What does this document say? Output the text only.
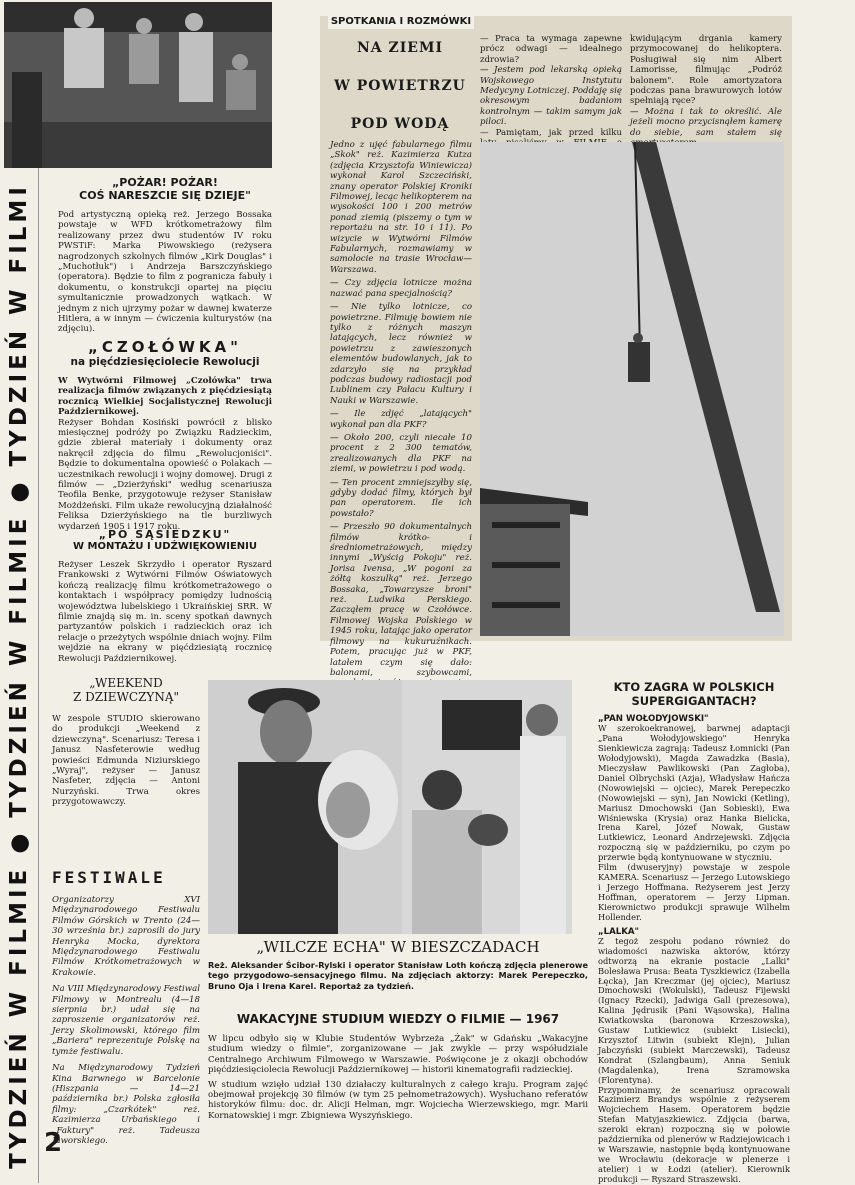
TYDZIEŃ W FILMIE ● TYDZIEŃ W FILMIE ● TYDZIEŃ W FILMI 2

„POŻAR! POŻAR!

COŚ NARESZCIE SIĘ DZIEJE"

Pod artystyczną opieką reż. Jerzego Bossaka powstaje w WFD krótkometrażowy film realizowany przez dwu studentów IV roku PWSTiF: Marka Piwowskiego (reżysera nagrodzonych szkolnych filmów „Kirk Douglas" i „Muchotłuk") i Andrzeja Barszczyńskiego (operatora). Będzie to film z pogranicza fabuły i dokumentu, o konstrukcji opartej na pięciu symultanicznie prowadzonych wątkach. W jednym z nich ujrzymy pożar w dawnej kwaterze Hitlera, a w innym — ćwiczenia kulturystów (na zdjęciu).

„CZOŁÓWKA"

na pięćdziesięciolecie Rewolucji

W Wytwórni Filmowej „Czołówka" trwa realizacja filmów związanych z pięćdziesiątą rocznicą Wielkiej Socjalistycznej Rewolucji Październikowej.

Reżyser Bohdan Kosiński powrócił z blisko miesięcznej podróży po Związku Radzieckim, gdzie zbierał materiały i dokumenty oraz nakręcił zdjęcia do filmu „Rewolucjoniści". Będzie to dokumentalna opowieść o Polakach — uczestnikach rewolucji i wojny domowej. Drugi z filmów — „Dzierżyński" według scenariusza Teofila Benke, przygotowuje reżyser Stanisław Możdżeński. Film ukaże rewolucyjną działalność Feliksa Dzierżyńskiego na tle burzliwych wydarzeń 1905 i 1917 roku.

„PO SĄSIEDZKU"

W MONTAŻU I UDŹWIĘKOWIENIU

Reżyser Leszek Skrzydło i operator Ryszard Frankowski z Wytwórni Filmów Oświatowych kończą realizację filmu krótkometrażowego o kontaktach i współpracy pomiędzy ludnością województwa lubelskiego i Ukraińskiej SRR. W filmie znajdą się m. in. sceny spotkań dawnych partyzantów polskich i radzieckich oraz ich relacje o przeżytych wspólnie dniach wojny. Film wejdzie na ekrany w pięćdziesiątą rocznicę Rewolucji Październikowej.

„WEEKEND

Z DZIEWCZYNĄ"

W zespole STUDIO skierowano do produkcji „Weekend z dziewczyną". Scenariusz: Teresa i Janusz Nasfeterowie według powieści Edmunda Niziurskiego „Wyraj", reżyser — Janusz Nasfeter, zdjęcia — Antoni Nurzyński. Trwa okres przygotowawczy.

FESTIWALE

Organizatorzy XVI Międzynarodowego Festiwalu Filmów Górskich w Trento (24—30 września br.) zaprosili do jury Henryka Mocka, dyrektora Międzynarodowego Festiwalu Filmów Krótkometrażowych w Krakowie.

Na VIII Międzynarodowy Festiwal Filmowy w Montrealu (4—18 sierpnia br.) udał się na zaproszenie organizatorów reż. Jerzy Skolimowski, którego film „Bariera" reprezentuje Polskę na tymże festiwalu.

Na Międzynarodowy Tydzień Kina Barwnego w Barcelonie (Hiszpania — 14—21 października br.) Polska zgłosiła filmy: „Czarkótek" reż. Kazimierza Urbańskiego i „Faktury" reż. Tadeusza Jaworskiego.

SPOTKANIA I ROZMÓWKI
NA ZIEMI
W POWIETRZU
POD WODĄ

Jedno z ujęć fabularnego filmu „Skok" reż. Kazimierza Kutza (zdjęcia Krzysztofa Winiewicza) wykonał Karol Szczeciński, znany operator Polskiej Kroniki Filmowej, lecąc helikopterem na wysokości 100 i 200 metrów ponad ziemią (piszemy o tym w reportażu na str. 10 i 11). Po wizycie w Wytwórni Filmów Fabularnych, rozmawiamy w samolocie na trasie Wrocław—Warszawa.

— Czy zdjęcia lotnicze można nazwać pana specjalnością?

— Nie tylko lotnicze, co powietrzne. Filmuję bowiem nie tylko z różnych maszyn latających, lecz również w powietrzu z zawieszonych elementów budowlanych, jak to zdarzyło się na przykład podczas budowy radiostacji pod Lublinem czy Pałacu Kultury i Nauki w Warszawie.

— Ile zdjęć „latających" wykonał pan dla PKF?

— Około 200, czyli niecałe 10 procent z 2 300 tematów, zrealizowanych dla PKF na ziemi, w powietrzu i pod wodą.

— Ten procent zmniejszyłby się, gdyby dodać filmy, których był pan operatorem. Ile ich powstało?

— Przeszło 90 dokumentalnych filmów krótko- i średniometrażowych, między innymi „Wyścig Pokoju" reż. Jorisa Ivensa, „W pogoni za żółtą koszulką" reż. Jerzego Bossaka, „Towarzysze broni" reż. Ludwika Perskiego. Zacząłem pracę w Czołówce. Filmowej Wojska Polskiego w 1945 roku, latając jako operator filmowy na kukuruźnikach. Potem, pracując już w PKF, latałem czym się dało: balonami, szybowcami,

— Praca ta wymaga zapewne prócz odwagi — idealnego zdrowia?

— Jestem pod lekarską opieką Wojskowego Instytutu Medycyny Lotniczej. Poddaję się okresowym badaniom kontrolnym — takim samym jak piloci.

— Pamiętam, jak przed kilku

kwidującym drgania kamery przymocowanej do helikoptera. Posługiwał się nim Albert Lamorisse, filmując „Podróż balonem". Role amortyzatora podczas pana brawurowych lotów spełniają ręce?

— Można i tak to określić. Ale jeżeli mocno przycisnąłem kamerę do siebie, sam stałem się

„WILCZE ECHA" W BIESZCZADACH

Reż. Aleksander Ścibor-Rylski i operator Stanisław Loth kończą zdjęcia plenerowe tego przygodowo-sensacyjnego filmu. Na zdjęciach aktorzy: Marek Perepeczko, Bruno Oja i Irena Karel. Reportaż za tydzień.

WAKACYJNE STUDIUM WIEDZY O FILMIE — 1967

W lipcu odbyło się w Klubie Studentów Wybrzeża „Żak" w Gdańsku „Wakacyjne studium wiedzy o filmie", zorganizowane — jak zwykle — przy współudziale Centralnego Archiwum Filmowego w Warszawie. Poświęcone je z okazji obchodów pięćdziesięciolecia Rewolucji Październikowej — historii kinematografii radzieckiej.

W studium wzięło udział 130 działaczy kulturalnych z całego kraju. Program zajęć obejmował projekcję 30 filmów (w tym 25 pełnometrażowych). Wysłuchano referatów historyków filmu: doc. dr. Alicji Helman, mgr. Wojciecha Wierzewskiego, mgr. Marii Kornatowskiej i mgr. Zbigniewa Wyszyńskiego.

KTO ZAGRA W POLSKICH

SUPERGIGANTACH?

„PAN WOŁODYJOWSKI"

W szerokoekranowej, barwnej adaptacji „Pana Wołodyjowskiego" Henryka Sienkiewicza zagrają: Tadeusz Łomnicki (Pan Wołodyjowski), Magda Zawadzka (Basia), Mieczysław Pawlikowski (Pan Zagłoba), Daniel Olbrychski (Azja), Władysław Hańcza (Nowowiejski — ojciec), Marek Perepeczko (Nowowiejski — syn), Jan Nowicki (Ketling), Mariusz Dmochowski (Jan Sobieski), Ewa Wiśniewska (Krysia) oraz Hanka Bielicka, Irena Karel, Józef Nowak, Gustaw Lutkiewicz, Leonard Andrzejewski. Zdjęcia rozpoczną się w październiku, po czym po przerwie będą kontynuowane w styczniu.

Film (dwuseryjny) powstaje w zespole KAMERA. Scenariusz — Jerzego Lutowskiego i Jerzego Hoffmana. Reżyserem jest Jerzy Hoffman, operatorem — Jerzy Lipman. Kierownictwo produkcji sprawuje Wilhelm Hollender.

„LALKA"

Z tegoż zespołu podano również do wiadomości nazwiska aktorów, którzy odtworzą na ekranie postacie „Lalki" Bolesława Prusa: Beata Tyszkiewicz (Izabella Łęcka), Jan Kreczmar (jej ojciec), Mariusz Dmochowski (Wokulski), Tadeusz Fijewski (Ignacy Rzecki), Jadwiga Gall (prezesowa), Kalina Jędrusik (Pani Wąsowska), Halina Kwiatkowska (baronowa Krzeszowska), Gustaw Lutkiewicz (subiekt Lisiecki), Krzysztof Litwin (subiekt Klejn), Julian Jabczyński (subiekt Marczewski), Tadeusz Kondrat (Szlangbaum), Anna Seniuk (Magdalenka), Irena Szramowska (Florentyna).

Przypominamy, że scenariusz opracowali Kazimierz Brandys wspólnie z reżyserem Wojciechem Hasem. Operatorem będzie Stefan Matyjaszkiewicz. Zdjęcia (barwa, szeroki ekran) rozpoczną się w połowie października od plenerów w Radziejowicach i w Warszawie, następnie będą kontynuowane we Wrocławiu (dekoracje w plenerze i atelier) i w Łodzi (atelier). Kierownik produkcji — Ryszard Straszewski.
